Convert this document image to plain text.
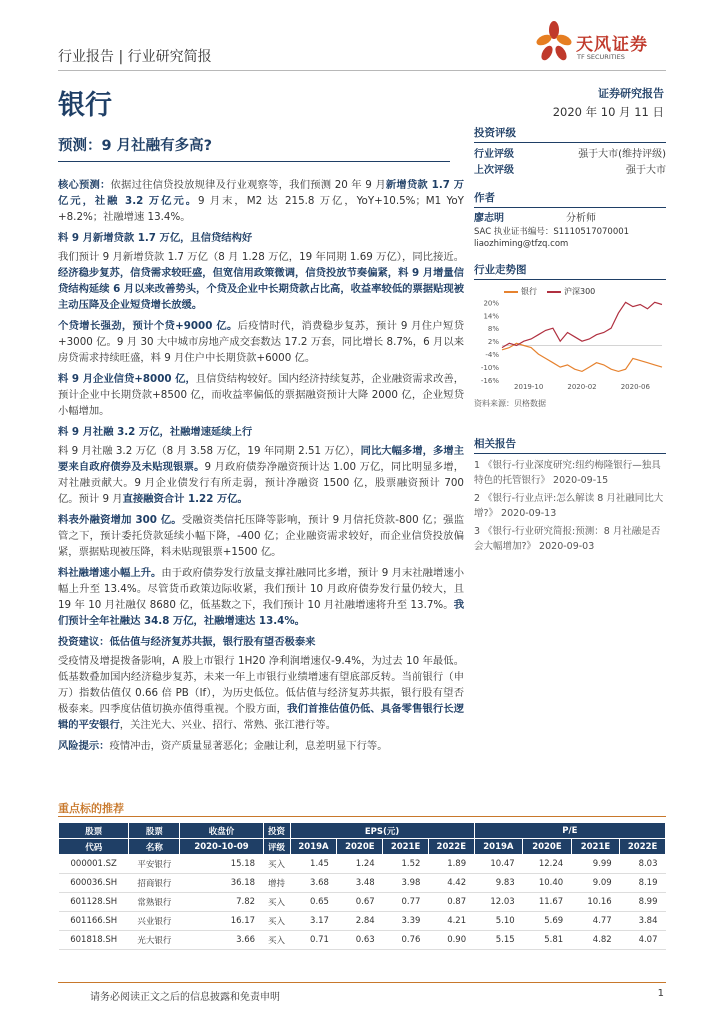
行业报告 | 行业研究简报
天风证券
TF SECURITIES
银行	证券研究报告
2020 年 10 月 11 日
预测：9 月社融有多高?

核心预测：依据过往信贷投放规律及行业观察等，我们预测 20 年 9 月新增贷款 1.7 万亿元，社融 3.2 万亿元。9 月末，M2 达 215.8 万亿，YoY+10.5%；M1 YoY +8.2%；社融增速 13.4%。

料 9 月新增贷款 1.7 万亿，且信贷结构好

我们预计 9 月新增贷款 1.7 万亿（8 月 1.28 万亿，19 年同期 1.69 万亿），同比接近。经济稳步复苏，信贷需求较旺盛，但宽信用政策微调，信贷投放节奏偏紧，料 9 月增量信贷结构延续 6 月以来改善势头，个贷及企业中长期贷款占比高，收益率较低的票据贴现被主动压降及企业短贷增长放缓。

个贷增长强劲，预计个贷+9000 亿。后疫情时代，消费稳步复苏，预计 9 月住户短贷+3000 亿。9 月 30 大中城市房地产成交套数达 17.2 万套，同比增长 8.7%，6 月以来房贷需求持续旺盛，料 9 月住户中长期贷款+6000 亿。

料 9 月企业信贷+8000 亿，且信贷结构较好。国内经济持续复苏，企业融资需求改善，预计企业中长期贷款+8500 亿，而收益率偏低的票据融资预计大降 2000 亿，企业短贷小幅增加。

料 9 月社融 3.2 万亿，社融增速延续上行

料 9 月社融 3.2 万亿（8 月 3.58 万亿，19 年同期 2.51 万亿），同比大幅多增，多增主要来自政府债券及未贴现银票。9 月政府债券净融资预计达 1.00 万亿，同比明显多增，对社融贡献大。9 月企业债发行有所走弱，预计净融资 1500 亿，股票融资预计 700 亿。预计 9 月直接融资合计 1.22 万亿。

料表外融资增加 300 亿。受融资类信托压降等影响，预计 9 月信托贷款-800 亿；强监管之下，预计委托贷款延续小幅下降，-400 亿；企业融资需求较好，而企业信贷投放偏紧，票据贴现被压降，料未贴现银票+1500 亿。

料社融增速小幅上升。由于政府债券发行放量支撑社融同比多增，预计 9 月末社融增速小幅上升至 13.4%。尽管货币政策边际收紧，我们预计 10 月政府债券发行量仍较大，且 19 年 10 月社融仅 8680 亿，低基数之下，我们预计 10 月社融增速将升至 13.7%。我们预计全年社融达 34.8 万亿，社融增速达 13.4%。

投资建议：低估值与经济复苏共振，银行股有望否极泰来

受疫情及增提拨备影响，A 股上市银行 1H20 净利润增速仅-9.4%，为过去 10 年最低。低基数叠加国内经济稳步复苏，未来一年上市银行业绩增速有望底部反转。当前银行（申万）指数估值仅 0.66 倍 PB（lf），为历史低位。低估值与经济复苏共振，银行股有望否极泰来。四季度估值切换亦值得重视。个股方面，我们首推估值仍低、具备零售银行长逻辑的平安银行，关注光大、兴业、招行、常熟、张江港行等。

风险提示：疫情冲击，资产质量显著恶化；金融让利，息差明显下行等。

投资评级
行业评级	强于大市(维持评级)
上次评级	强于大市
作者
廖志明	分析师
SAC 执业证书编号：S1110517070001
liaozhiming@tfzq.com
行业走势图
银行	沪深300
20%
14%
8%
2%
-4%
-10%
-16%
2019-10	2020-02	2020-06
资料来源：贝格数据
相关报告
1 《银行-行业深度研究:纽约梅隆银行—独具特色的托管银行》 2020-09-15
2 《银行-行业点评:怎么解读 8 月社融同比大增?》 2020-09-13
3 《银行-行业研究简报:预测：8 月社融是否会大幅增加?》 2020-09-03
重点标的推荐
股票	股票	收盘价	投资	EPS(元)				P/E			
代码	名称	2020-10-09	评级	2019A	2020E	2021E	2022E	2019A	2020E	2021E	2022E
000001.SZ	平安银行	15.18	买入	1.45	1.24	1.52	1.89	10.47	12.24	9.99	8.03
600036.SH	招商银行	36.18	增持	3.68	3.48	3.98	4.42	9.83	10.40	9.09	8.19
601128.SH	常熟银行	7.82	买入	0.65	0.67	0.77	0.87	12.03	11.67	10.16	8.99
601166.SH	兴业银行	16.17	买入	3.17	2.84	3.39	4.21	5.10	5.69	4.77	3.84
601818.SH	光大银行	3.66	买入	0.71	0.63	0.76	0.90	5.15	5.81	4.82	4.07
请务必阅读正文之后的信息披露和免责申明	1
